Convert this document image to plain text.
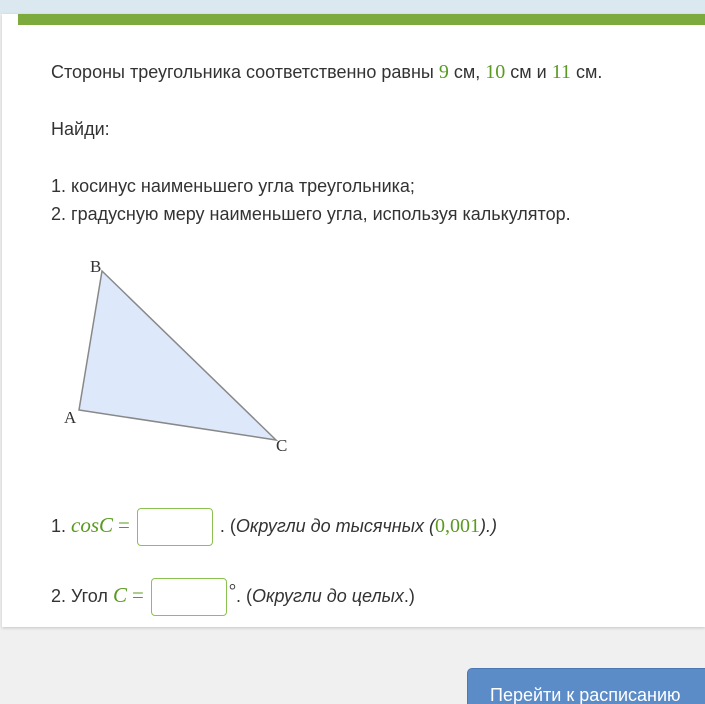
Стороны треугольника соответственно равны 9 см, 10 см и 11 см.
Найди:
1. косинус наименьшего угла треугольника;
2. градусную меру наименьшего угла, используя калькулятор.
B
A
C
1. cosC =	. (Округли до тысячных (0,001).)
2. Угол C =	°. (Округли до целых.)
Перейти к расписанию
